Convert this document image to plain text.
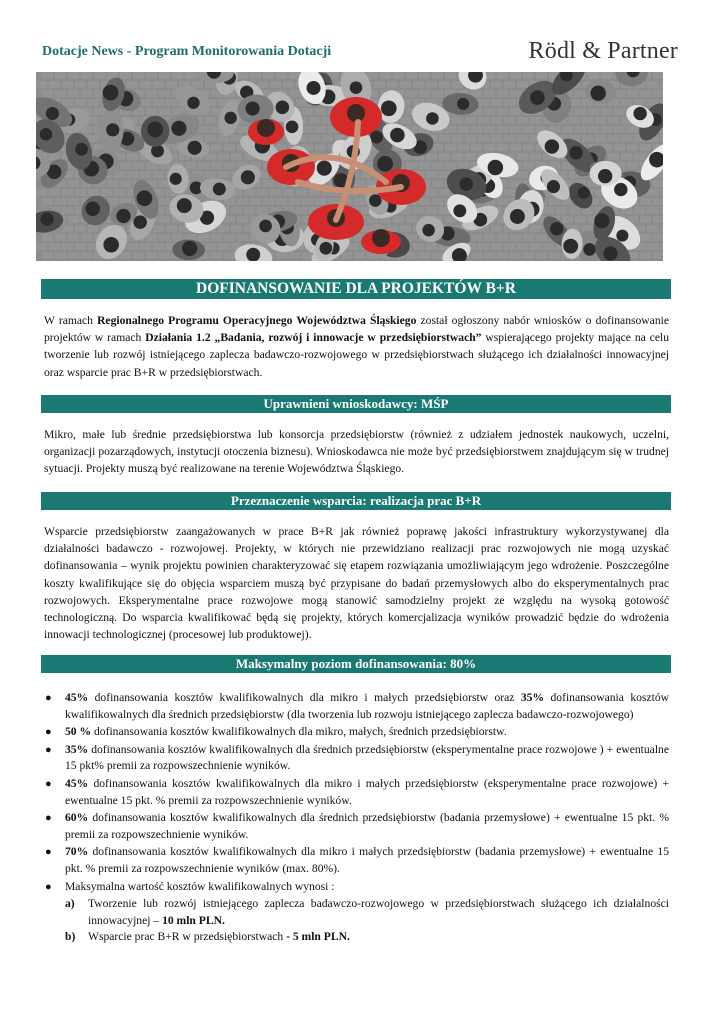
Dotacje News - Program Monitorowania Dotacji	Rödl & Partner
DOFINANSOWANIE DLA PROJEKTÓW B+R
W ramach Regionalnego Programu Operacyjnego Województwa Śląskiego został ogłoszony nabór wniosków o dofinansowanie projektów w ramach Działania 1.2 „Badania, rozwój i innowacje w przedsiębiorstwach” wspierającego projekty mające na celu tworzenie lub rozwój istniejącego zaplecza badawczo-rozwojowego w przedsiębiorstwach służącego ich działalności innowacyjnej oraz wsparcie prac B+R w przedsiębiorstwach.
Uprawnieni wnioskodawcy: MŚP
Mikro, małe lub średnie przedsiębiorstwa lub konsorcja przedsiębiorstw (również z udziałem jednostek naukowych, uczelni, organizacji pozarządowych, instytucji otoczenia biznesu). Wnioskodawca nie może być przedsiębiorstwem znajdującym się w trudnej sytuacji. Projekty muszą być realizowane na terenie Województwa Śląskiego.
Przeznaczenie wsparcia: realizacja prac B+R
Wsparcie przedsiębiorstw zaangażowanych w prace B+R jak również poprawę jakości infrastruktury wykorzystywanej dla działalności badawczo - rozwojowej. Projekty, w których nie przewidziano realizacji prac rozwojowych nie mogą uzyskać dofinansowania – wynik projektu powinien charakteryzować się etapem rozwiązania umożliwiającym jego wdrożenie. Poszczególne koszty kwalifikujące się do objęcia wsparciem muszą być przypisane do badań przemysłowych albo do eksperymentalnych prac rozwojowych. Eksperymentalne prace rozwojowe mogą stanowić samodzielny projekt ze względu na wysoką gotowość technologiczną. Do wsparcia kwalifikować będą się projekty, których komercjalizacja wyników prowadzić będzie do wdrożenia innowacji technologicznej (procesowej lub produktowej).
Maksymalny poziom dofinansowania: 80%
● 45% dofinansowania kosztów kwalifikowalnych dla mikro i małych przedsiębiorstw oraz 35% dofinansowania kosztów kwalifikowalnych dla średnich przedsiębiorstw (dla tworzenia lub rozwoju istniejącego zaplecza badawczo-rozwojowego)
● 50 % dofinansowania kosztów kwalifikowalnych dla mikro, małych, średnich przedsiębiorstw.
● 35% dofinansowania kosztów kwalifikowalnych dla średnich przedsiębiorstw (eksperymentalne prace rozwojowe ) + ewentualne 15 pkt% premii za rozpowszechnienie wyników.
● 45% dofinansowania kosztów kwalifikowalnych dla mikro i małych przedsiębiorstw (eksperymentalne prace rozwojowe) + ewentualne 15 pkt. % premii za rozpowszechnienie wyników.
● 60% dofinansowania kosztów kwalifikowalnych dla średnich przedsiębiorstw (badania przemysłowe) + ewentualne 15 pkt. % premii za rozpowszechnienie wyników.
● 70% dofinansowania kosztów kwalifikowalnych dla mikro i małych przedsiębiorstw (badania przemysłowe) + ewentualne 15 pkt. % premii za rozpowszechnienie wyników (max. 80%).
● Maksymalna wartość kosztów kwalifikowalnych wynosi :
a) Tworzenie lub rozwój istniejącego zaplecza badawczo-rozwojowego w przedsiębiorstwach służącego ich działalności innowacyjnej – 10 mln PLN.
b) Wsparcie prac B+R w przedsiębiorstwach - 5 mln PLN.
